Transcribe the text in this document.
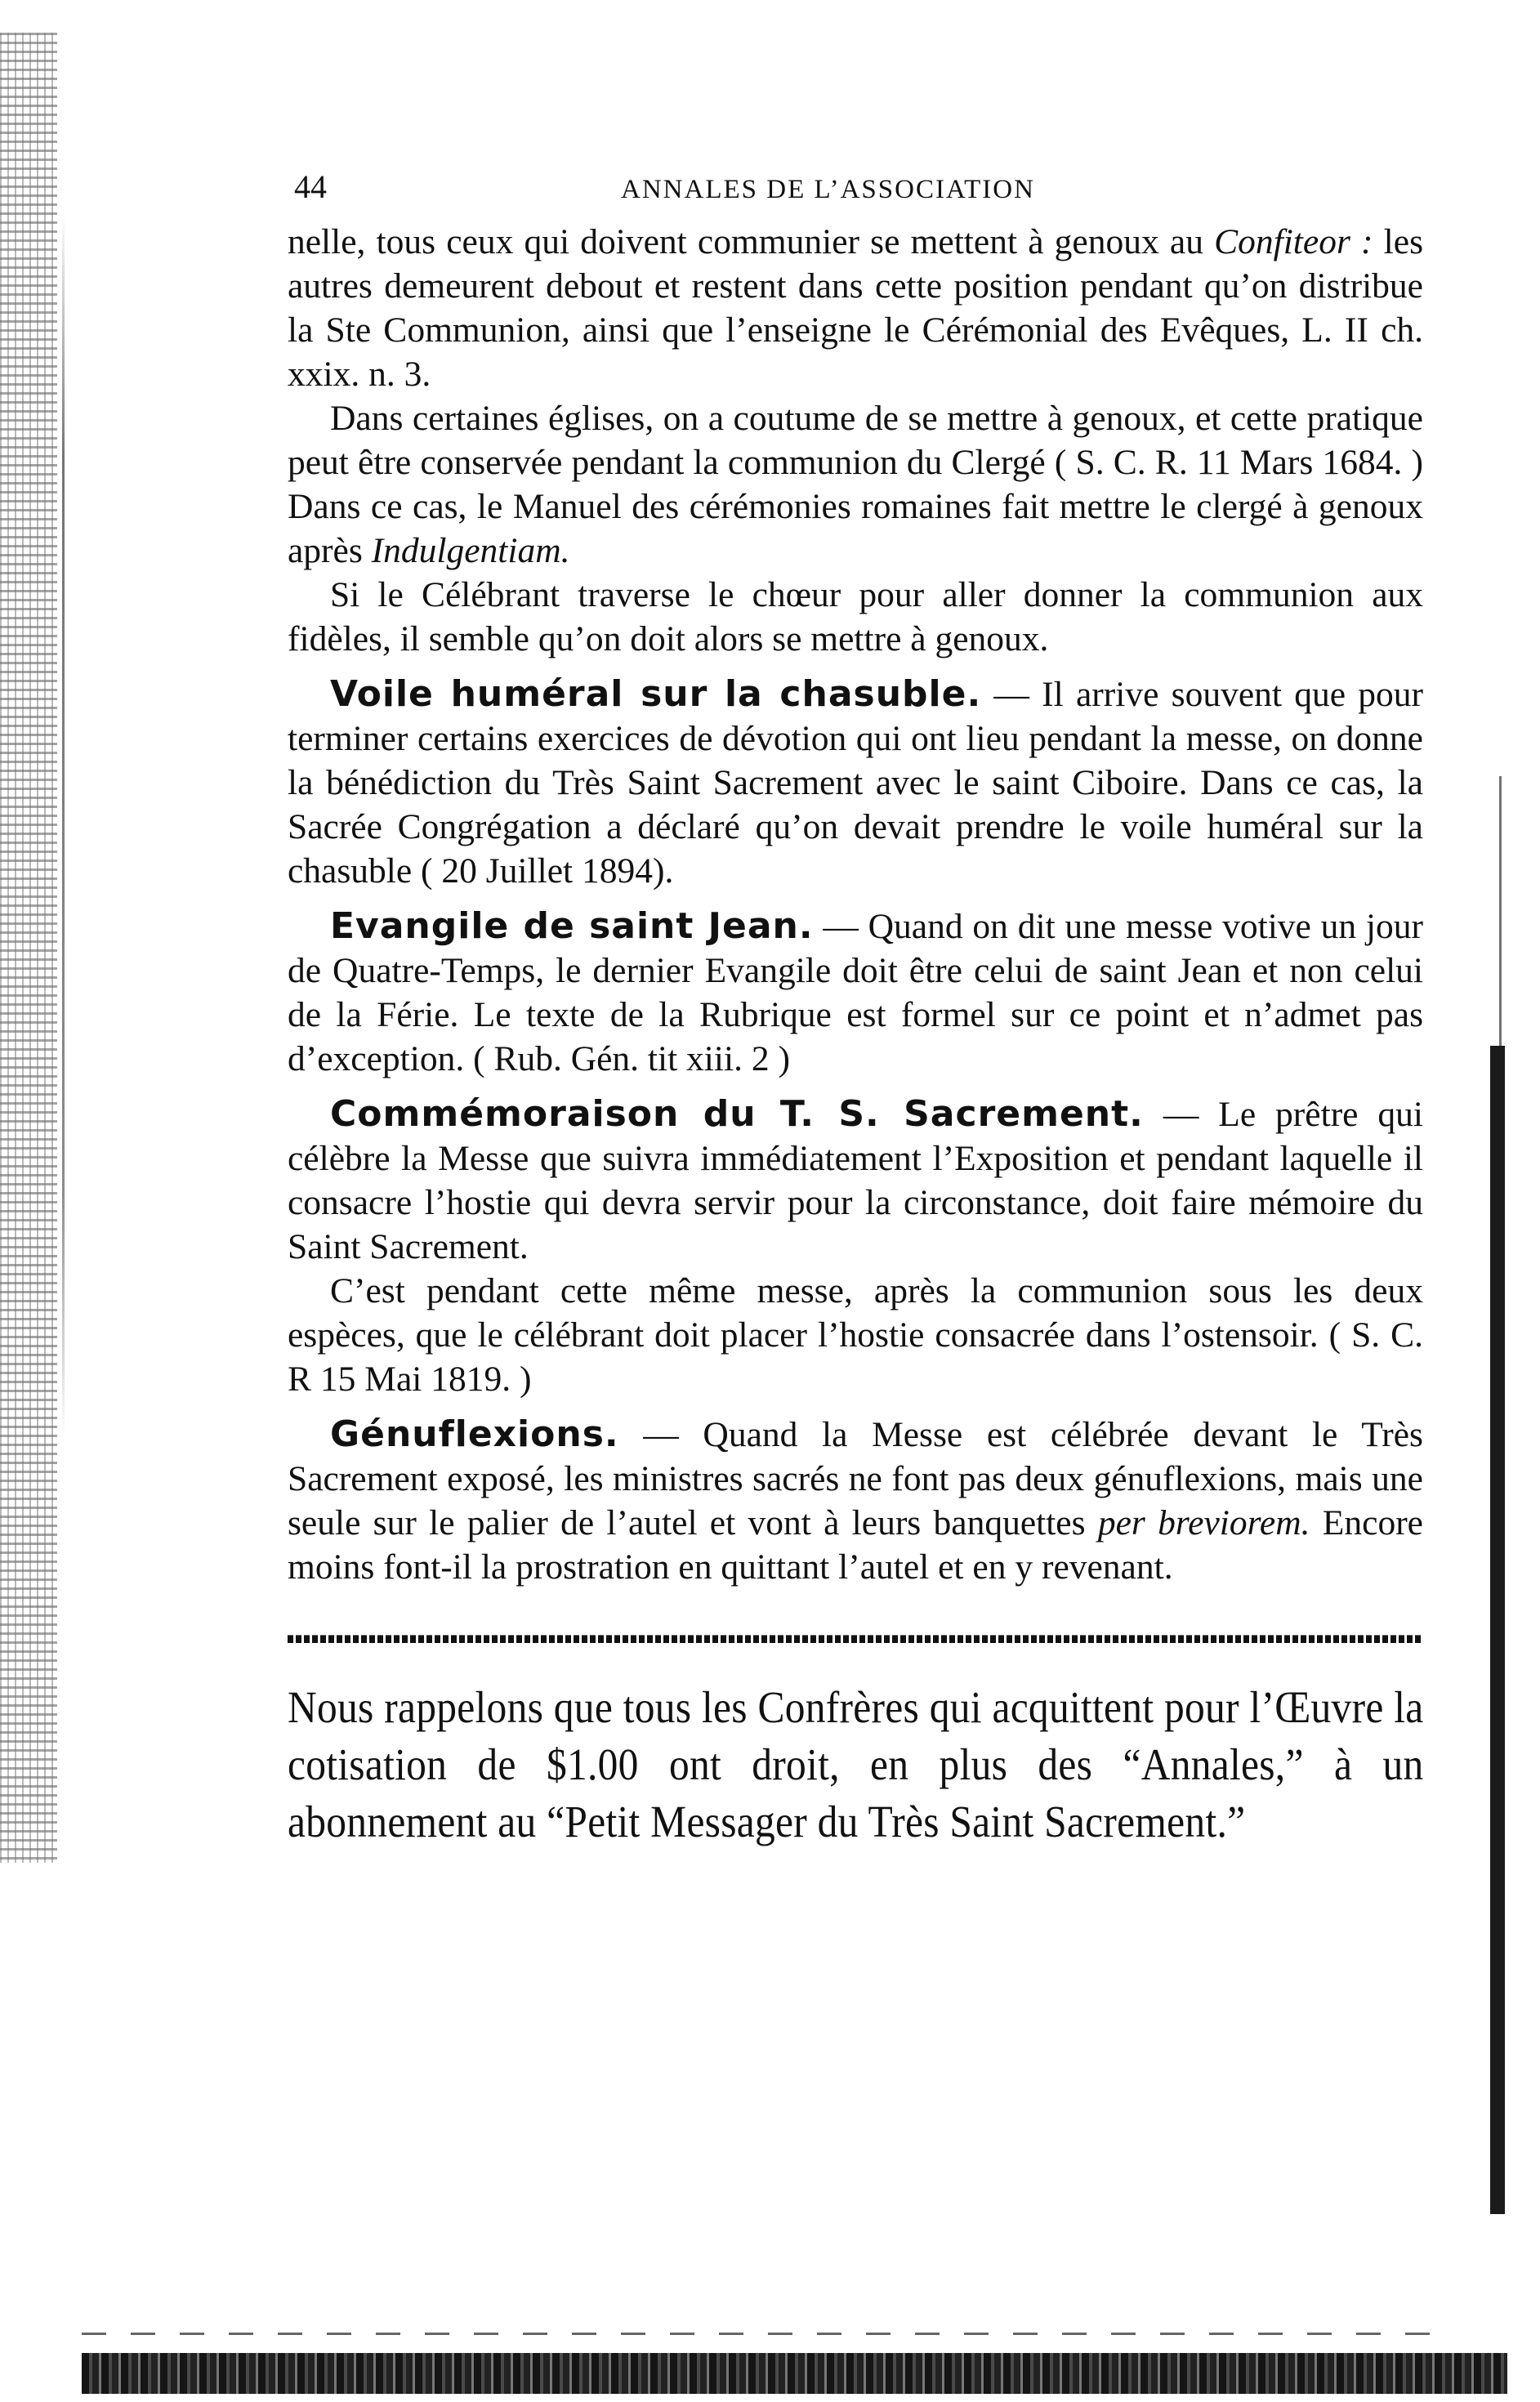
44	ANNALES DE L’ASSOCIATION

nelle, tous ceux qui doivent communier se mettent à genoux au Confiteor : les autres demeurent debout et restent dans cette position pendant qu’on distribue la Ste Communion, ainsi que l’enseigne le Cérémonial des Evêques, L. II ch. xxix. n. 3.

Dans certaines églises, on a coutume de se mettre à genoux, et cette pratique peut être conservée pendant la communion du Clergé ( S. C. R. 11 Mars 1684. ) Dans ce cas, le Manuel des cérémonies romaines fait mettre le clergé à genoux après Indulgentiam.

Si le Célébrant traverse le chœur pour aller donner la communion aux fidèles, il semble qu’on doit alors se mettre à genoux.

Voile huméral sur la chasuble. — Il arrive souvent que pour terminer certains exercices de dévotion qui ont lieu pendant la messe, on donne la bénédiction du Très Saint Sacrement avec le saint Ciboire. Dans ce cas, la Sacrée Congrégation a déclaré qu’on devait prendre le voile huméral sur la chasuble ( 20 Juillet 1894).

Evangile de saint Jean. — Quand on dit une messe votive un jour de Quatre-Temps, le dernier Evangile doit être celui de saint Jean et non celui de la Férie. Le texte de la Rubrique est formel sur ce point et n’admet pas d’exception. ( Rub. Gén. tit xiii. 2 )

Commémoraison du T. S. Sacrement. — Le prêtre qui célèbre la Messe que suivra immédiatement l’Exposition et pendant laquelle il consacre l’hostie qui devra servir pour la circonstance, doit faire mémoire du Saint Sacrement.

C’est pendant cette même messe, après la communion sous les deux espèces, que le célébrant doit placer l’hostie consacrée dans l’ostensoir. ( S. C. R 15 Mai 1819. )

Génuflexions. — Quand la Messe est célébrée devant le Très Sacrement exposé, les ministres sacrés ne font pas deux génuflexions, mais une seule sur le palier de l’autel et vont à leurs banquettes per breviorem. Encore moins font-il la prostration en quittant l’autel et en y revenant.

Nous rappelons que tous les Confrères qui acquittent pour l’Œuvre la cotisation de $1.00 ont droit, en plus des “Annales,” à un abonnement au “Petit Messager du Très Saint Sacrement.”
